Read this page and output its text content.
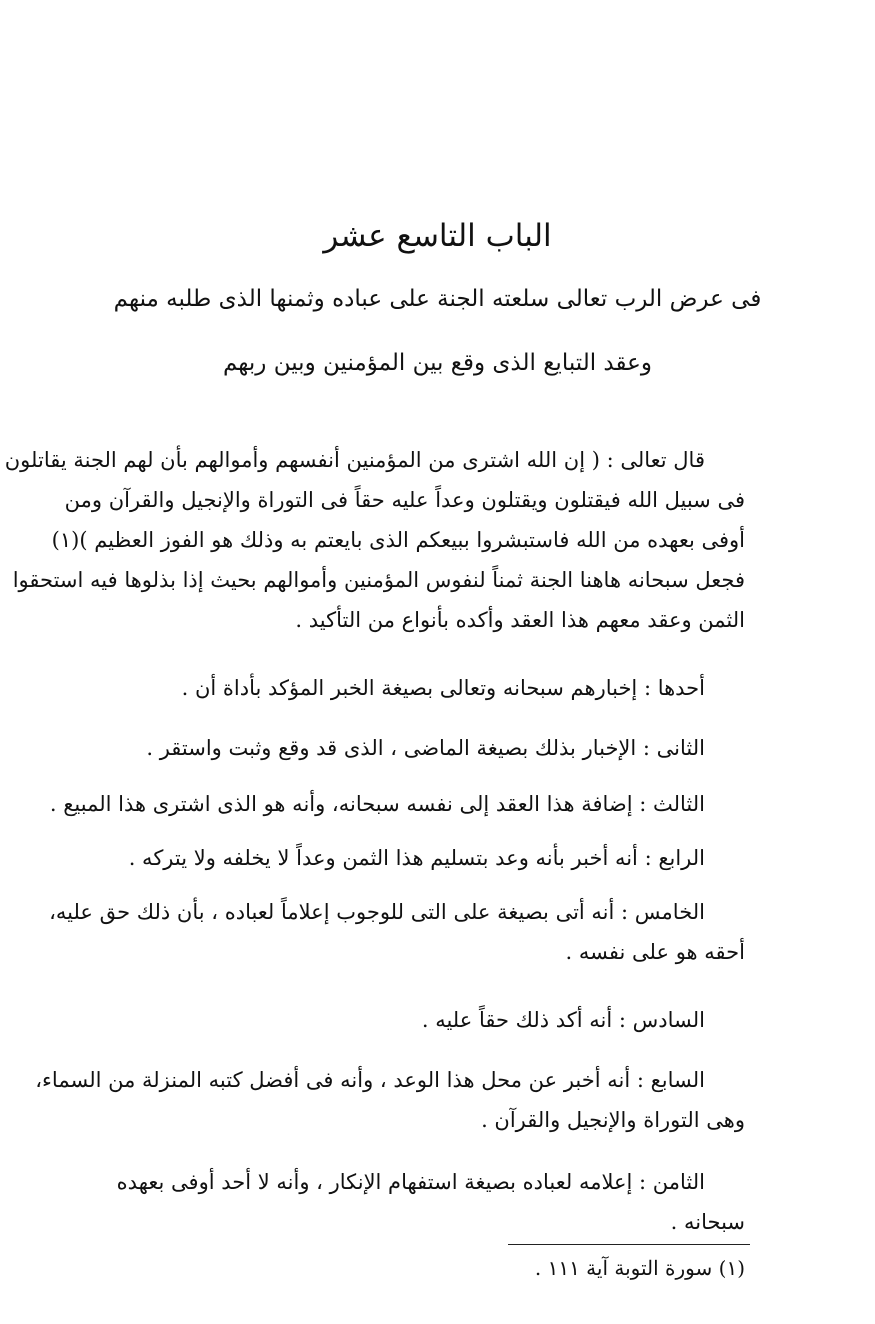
الباب التاسع عشر
فى عرض الرب تعالى سلعته الجنة على عباده وثمنها الذى طلبه منهم
وعقد التبايع الذى وقع بين المؤمنين وبين ربهم
قال تعالى : ( إن الله اشترى من المؤمنين أنفسهم وأموالهم بأن لهم الجنة يقاتلون
فى سبيل الله فيقتلون ويقتلون وعداً عليه حقاً فى التوراة والإنجيل والقرآن ومن
أوفى بعهده من الله فاستبشروا ببيعكم الذى بايعتم به وذلك هو الفوز العظيم )(١)
فجعل سبحانه هاهنا الجنة ثمناً لنفوس المؤمنين وأموالهم بحيث إذا بذلوها فيه استحقوا
الثمن وعقد معهم هذا العقد وأكده بأنواع من التأكيد .
أحدها : إخبارهم سبحانه وتعالى بصيغة الخبر المؤكد بأداة أن .
الثانى : الإخبار بذلك بصيغة الماضى ، الذى قد وقع وثبت واستقر .
الثالث : إضافة هذا العقد إلى نفسه سبحانه، وأنه هو الذى اشترى هذا المبيع .
الرابع : أنه أخبر بأنه وعد بتسليم هذا الثمن وعداً لا يخلفه ولا يتركه .
الخامس : أنه أتى بصيغة على التى للوجوب إعلاماً لعباده ، بأن ذلك حق عليه،
أحقه هو على نفسه .
السادس : أنه أكد ذلك حقاً عليه .
السابع : أنه أخبر عن محل هذا الوعد ، وأنه فى أفضل كتبه المنزلة من السماء،
وهى التوراة والإنجيل والقرآن .
الثامن : إعلامه لعباده بصيغة استفهام الإنكار ، وأنه لا أحد أوفى بعهده
سبحانه .
(١) سورة التوبة آية ١١١ .
